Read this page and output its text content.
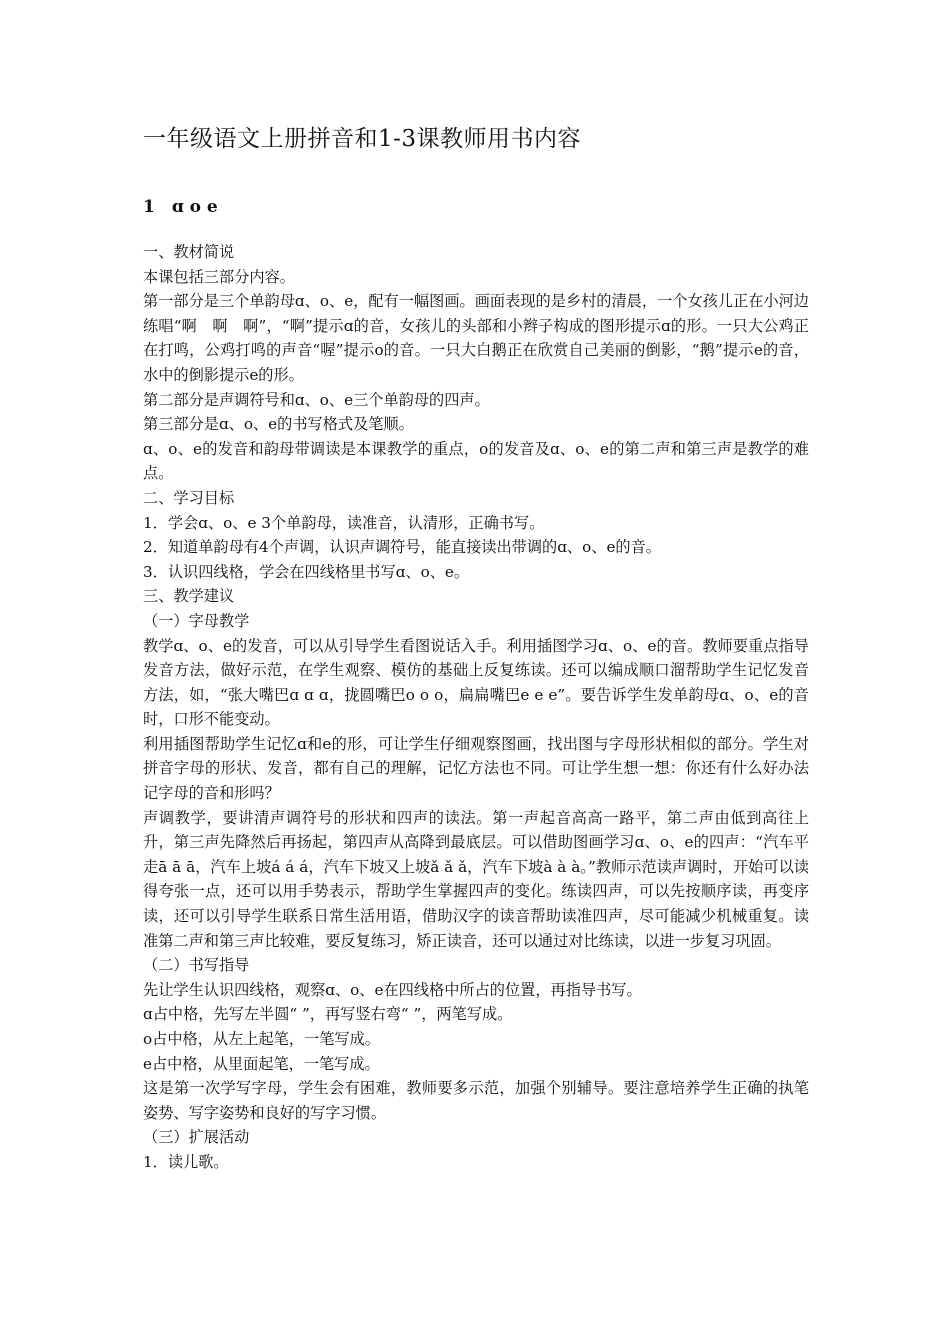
一年级语文上册拼音和1-3课教师用书内容
1　ɑ o e

一、教材简说

本课包括三部分内容。

第一部分是三个单韵母ɑ、o、e，配有一幅图画。画面表现的是乡村的清晨，一个女孩儿正在小河边练唱“啊　啊　啊”，“啊”提示ɑ的音，女孩儿的头部和小辫子构成的图形提示ɑ的形。一只大公鸡正在打鸣，公鸡打鸣的声音“喔”提示o的音。一只大白鹅正在欣赏自己美丽的倒影，“鹅”提示e的音，水中的倒影提示e的形。

第二部分是声调符号和ɑ、o、e三个单韵母的四声。

第三部分是ɑ、o、e的书写格式及笔顺。

ɑ、o、e的发音和韵母带调读是本课教学的重点，o的发音及ɑ、o、e的第二声和第三声是教学的难点。

二、学习目标

1．学会ɑ、o、e 3个单韵母，读准音，认清形，正确书写。

2．知道单韵母有4个声调，认识声调符号，能直接读出带调的ɑ、o、e的音。

3．认识四线格，学会在四线格里书写ɑ、o、e。

三、教学建议

（一）字母教学

教学ɑ、o、e的发音，可以从引导学生看图说话入手。利用插图学习ɑ、o、e的音。教师要重点指导发音方法，做好示范，在学生观察、模仿的基础上反复练读。还可以编成顺口溜帮助学生记忆发音方法，如，“张大嘴巴ɑ ɑ ɑ，拢圆嘴巴o o o，扁扁嘴巴e e e”。要告诉学生发单韵母ɑ、o、e的音时，口形不能变动。

利用插图帮助学生记忆ɑ和e的形，可让学生仔细观察图画，找出图与字母形状相似的部分。学生对拼音字母的形状、发音，都有自己的理解，记忆方法也不同。可让学生想一想：你还有什么好办法记字母的音和形吗？

声调教学，要讲清声调符号的形状和四声的读法。第一声起音高高一路平，第二声由低到高往上升，第三声先降然后再扬起，第四声从高降到最底层。可以借助图画学习ɑ、o、e的四声：“汽车平走ā ā ā，汽车上坡á á á，汽车下坡又上坡ǎ ǎ ǎ，汽车下坡à à à。”教师示范读声调时，开始可以读得夸张一点，还可以用手势表示，帮助学生掌握四声的变化。练读四声，可以先按顺序读，再变序读，还可以引导学生联系日常生活用语，借助汉字的读音帮助读准四声，尽可能减少机械重复。读准第二声和第三声比较难，要反复练习，矫正读音，还可以通过对比练读，以进一步复习巩固。

（二）书写指导

先让学生认识四线格，观察ɑ、o、e在四线格中所占的位置，再指导书写。

ɑ占中格，先写左半圆“ ”，再写竖右弯“ ”，两笔写成。

o占中格，从左上起笔，一笔写成。

e占中格，从里面起笔，一笔写成。

这是第一次学写字母，学生会有困难，教师要多示范，加强个别辅导。要注意培养学生正确的执笔姿势、写字姿势和良好的写字习惯。

（三）扩展活动

1．读儿歌。
